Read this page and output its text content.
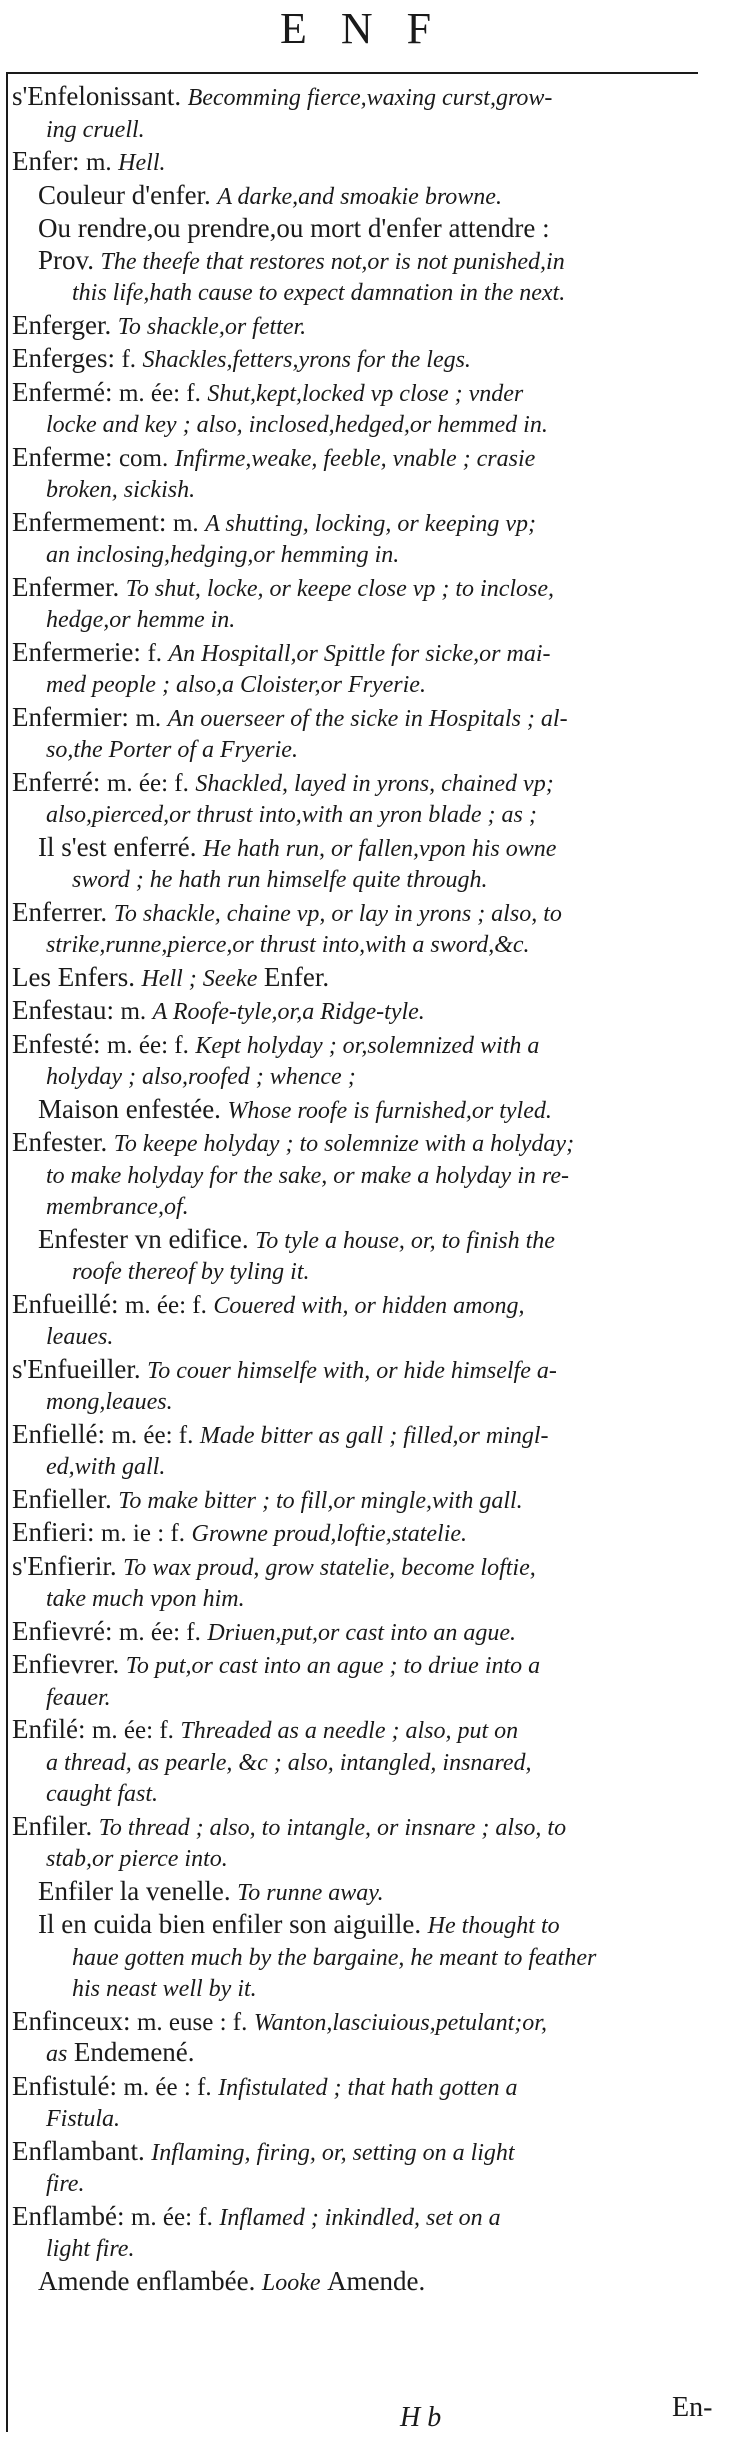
ENF
s'Enfelonissant. Becomming fierce,waxing curst,grow-
ing cruell.
Enfer: m. Hell.
Couleur d'enfer. A darke,and smoakie browne.
Ou rendre,ou prendre,ou mort d'enfer attendre :
Prov. The theefe that restores not,or is not punished,in
this life,hath cause to expect damnation in the next.
Enferger. To shackle,or fetter.
Enferges: f. Shackles,fetters,yrons for the legs.
Enfermé: m. ée: f. Shut,kept,locked vp close ; vnder
locke and key ; also, inclosed,hedged,or hemmed in.
Enferme: com. Infirme,weake, feeble, vnable ; crasie
broken, sickish.
Enfermement: m. A shutting, locking, or keeping vp;
an inclosing,hedging,or hemming in.
Enfermer. To shut, locke, or keepe close vp ; to inclose,
hedge,or hemme in.
Enfermerie: f. An Hospitall,or Spittle for sicke,or mai-
med people ; also,a Cloister,or Fryerie.
Enfermier: m. An ouerseer of the sicke in Hospitals ; al-
so,the Porter of a Fryerie.
Enferré: m. ée: f. Shackled, layed in yrons, chained vp;
also,pierced,or thrust into,with an yron blade ; as ;
Il s'est enferré. He hath run, or fallen,vpon his owne
sword ; he hath run himselfe quite through.
Enferrer. To shackle, chaine vp, or lay in yrons ; also, to
strike,runne,pierce,or thrust into,with a sword,&c.
Les Enfers. Hell ; Seeke Enfer.
Enfestau: m. A Roofe-tyle,or,a Ridge-tyle.
Enfesté: m. ée: f. Kept holyday ; or,solemnized with a
holyday ; also,roofed ; whence ;
Maison enfestée. Whose roofe is furnished,or tyled.
Enfester. To keepe holyday ; to solemnize with a holyday;
to make holyday for the sake, or make a holyday in re-
membrance,of.
Enfester vn edifice. To tyle a house, or, to finish the
roofe thereof by tyling it.
Enfueillé: m. ée: f. Couered with, or hidden among,
leaues.
s'Enfueiller. To couer himselfe with, or hide himselfe a-
mong,leaues.
Enfiellé: m. ée: f. Made bitter as gall ; filled,or mingl-
ed,with gall.
Enfieller. To make bitter ; to fill,or mingle,with gall.
Enfieri: m. ie : f. Growne proud,loftie,statelie.
s'Enfierir. To wax proud, grow statelie, become loftie,
take much vpon him.
Enfievré: m. ée: f. Driuen,put,or cast into an ague.
Enfievrer. To put,or cast into an ague ; to driue into a
feauer.
Enfilé: m. ée: f. Threaded as a needle ; also, put on
a thread, as pearle, &c ; also, intangled, insnared,
caught fast.
Enfiler. To thread ; also, to intangle, or insnare ; also, to
stab,or pierce into.
Enfiler la venelle. To runne away.
Il en cuida bien enfiler son aiguille. He thought to
haue gotten much by the bargaine, he meant to feather
his neast well by it.
Enfinceux: m. euse : f. Wanton,lasciuious,petulant;or,
as Endemené.
Enfistulé: m. ée : f. Infistulated ; that hath gotten a
Fistula.
Enflambant. Inflaming, firing, or, setting on a light
fire.
Enflambé: m. ée: f. Inflamed ; inkindled, set on a
light fire.
Amende enflambée. Looke Amende.
H b	En-
